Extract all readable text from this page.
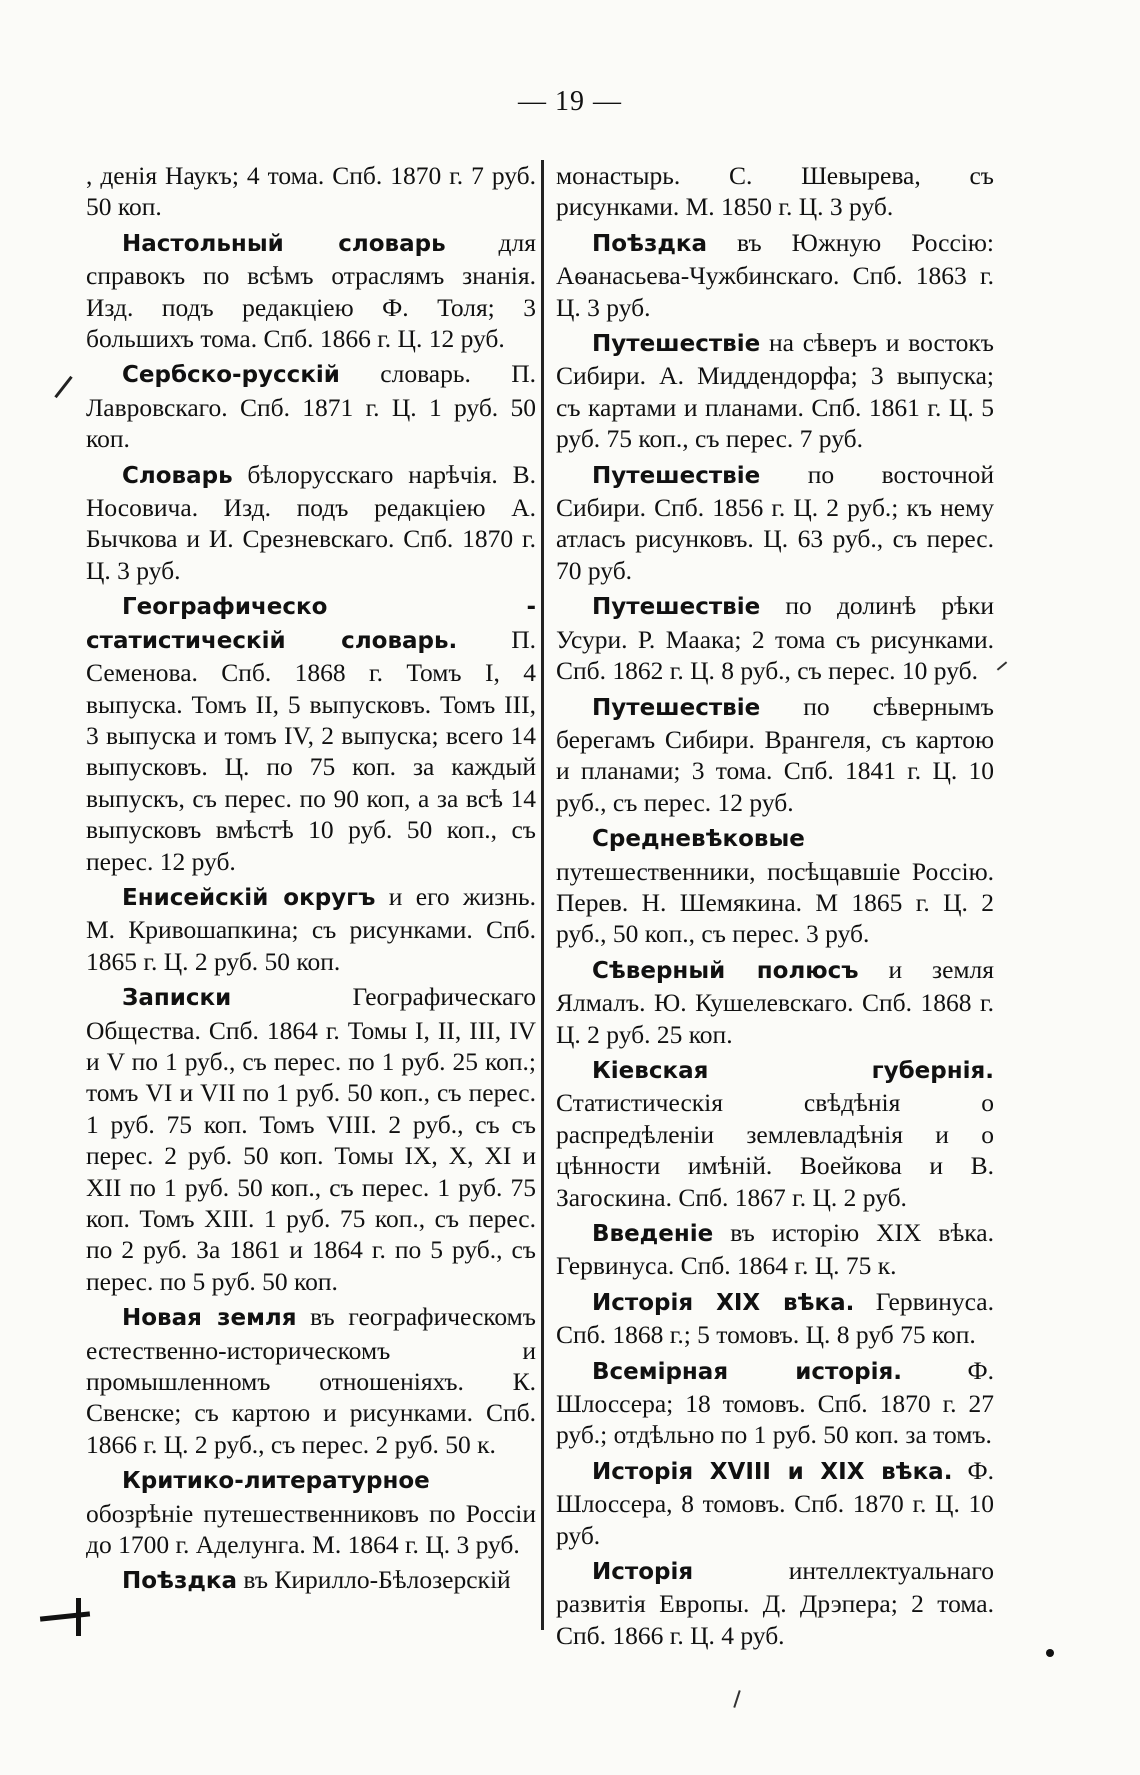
— 19 —

, денія Наукъ; 4 тома. Спб. 1870 г. 7 руб. 50 коп.

Настольный словарь для справокъ по всѣмъ отраслямъ знанія. Изд. подъ редакціею Ф. Толя; 3 большихъ тома. Спб. 1866 г. Ц. 12 руб.

Сербско-русскій словарь. П. Лавровскаго. Спб. 1871 г. Ц. 1 руб. 50 коп.

Словарь бѣлорусскаго нарѣчія. В. Носовича. Изд. подъ редакціею А. Бычкова и И. Срезневскаго. Спб. 1870 г. Ц. 3 руб.

Географическо - статистическій словарь. П. Семенова. Спб. 1868 г. Томъ I, 4 выпуска. Томъ II, 5 выпусковъ. Томъ III, 3 выпуска и томъ IV, 2 выпуска; всего 14 выпусковъ. Ц. по 75 коп. за каждый выпускъ, съ перес. по 90 коп, а за всѣ 14 выпусковъ вмѣстѣ 10 руб. 50 коп., съ перес. 12 руб.

Енисейскій округъ и его жизнь. М. Кривошапкина; съ рисунками. Спб. 1865 г. Ц. 2 руб. 50 коп.

Записки Географическаго Общества. Спб. 1864 г. Томы I, II, III, IV и V по 1 руб., съ перес. по 1 руб. 25 коп.; томъ VI и VII по 1 руб. 50 коп., съ перес. 1 руб. 75 коп. Томъ VIII. 2 руб., съ съ перес. 2 руб. 50 коп. Томы IX, X, XI и XII по 1 руб. 50 коп., съ перес. 1 руб. 75 коп. Томъ XIII. 1 руб. 75 коп., съ перес. по 2 руб. За 1861 и 1864 г. по 5 руб., съ перес. по 5 руб. 50 коп.

Новая земля въ географическомъ естественно-историческомъ и промышленномъ отношеніяхъ. К. Свенске; съ картою и рисунками. Спб. 1866 г. Ц. 2 руб., съ перес. 2 руб. 50 к.

Критико-литературное обозрѣніе путешественниковъ по Россіи до 1700 г. Аделунга. М. 1864 г. Ц. 3 руб.

Поѣздка въ Кирилло-Бѣлозерскій

монастырь. С. Шевырева, съ рисунками. М. 1850 г. Ц. 3 руб.

Поѣздка въ Южную Россію: Аѳанасьева-Чужбинскаго. Спб. 1863 г. Ц. 3 руб.

Путешествіе на сѣверъ и востокъ Сибири. А. Миддендорфа; 3 выпуска; съ картами и планами. Спб. 1861 г. Ц. 5 руб. 75 коп., съ перес. 7 руб.

Путешествіе по восточной Сибири. Спб. 1856 г. Ц. 2 руб.; къ нему атласъ рисунковъ. Ц. 63 руб., съ перес. 70 руб.

Путешествіе по долинѣ рѣки Усури. Р. Маака; 2 тома съ рисунками. Спб. 1862 г. Ц. 8 руб., съ перес. 10 руб.

Путешествіе по сѣвернымъ берегамъ Сибири. Врангеля, съ картою и планами; 3 тома. Спб. 1841 г. Ц. 10 руб., съ перес. 12 руб.

Средневѣковые путешественники, посѣщавшіе Россію. Перев. Н. Шемякина. М 1865 г. Ц. 2 руб., 50 коп., съ перес. 3 руб.

Сѣверный полюсъ и земля Ялмалъ. Ю. Кушелевскаго. Спб. 1868 г. Ц. 2 руб. 25 коп.

Кіевская губернія. Статистическія свѣдѣнія о распредѣленіи землевладѣнія и о цѣнности имѣній. Воейкова и В. Загоскина. Спб. 1867 г. Ц. 2 руб.

Введеніе въ исторію XIX вѣка. Гервинуса. Спб. 1864 г. Ц. 75 к.

Исторія XIX вѣка. Гервинуса. Спб. 1868 г.; 5 томовъ. Ц. 8 руб 75 коп.

Всемірная исторія. Ф. Шлоссера; 18 томовъ. Спб. 1870 г. 27 руб.; отдѣльно по 1 руб. 50 коп. за томъ.

Исторія XVIII и XIX вѣка. Ф. Шлоссера, 8 томовъ. Спб. 1870 г. Ц. 10 руб.

Исторія интеллектуальнаго развитія Европы. Д. Дрэпера; 2 тома. Спб. 1866 г. Ц. 4 руб.
